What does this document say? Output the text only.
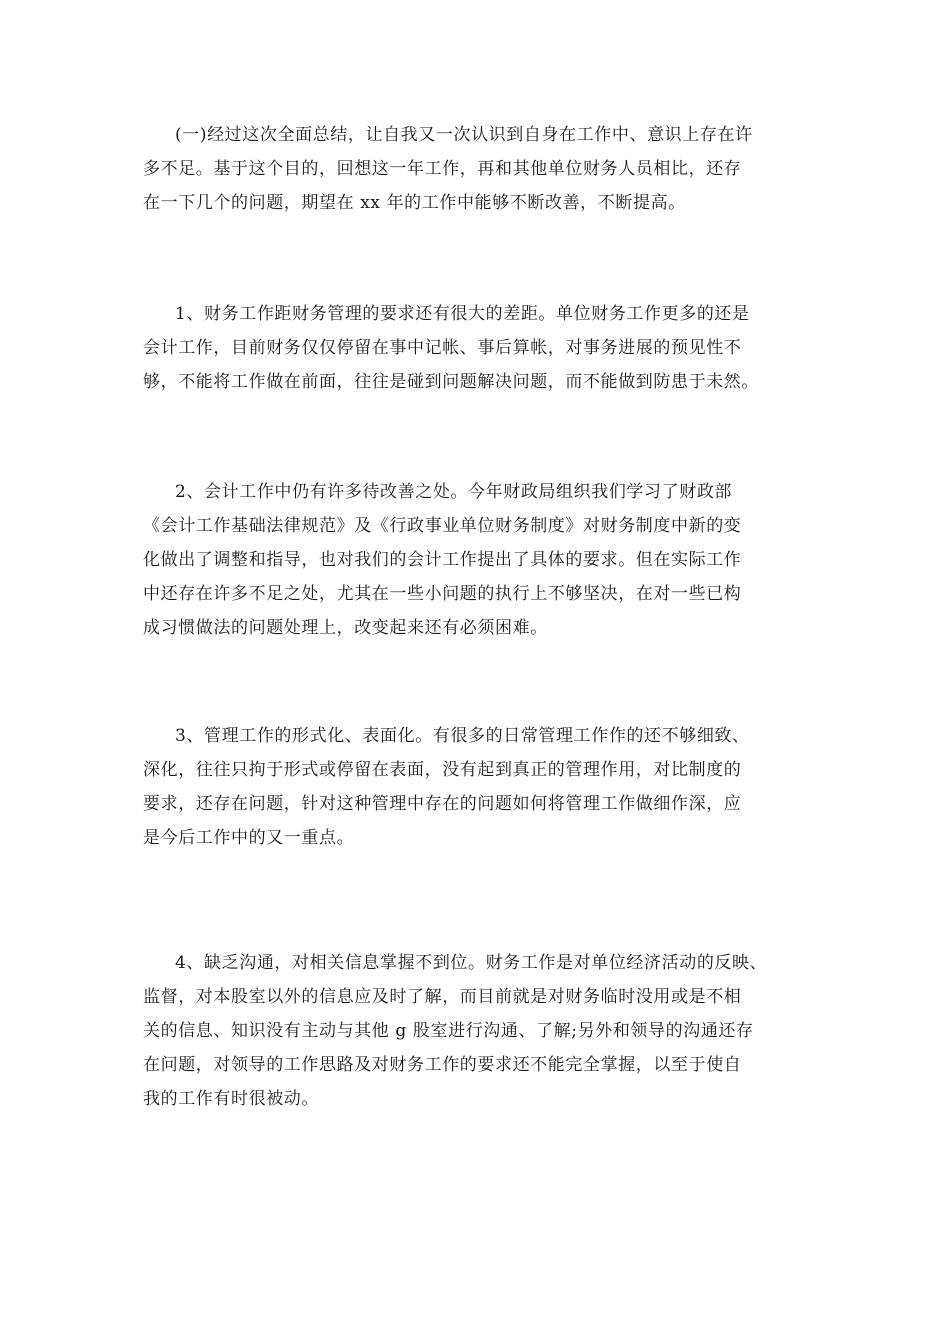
(一)经过这次全面总结，让自我又一次认识到自身在工作中、意识上存在许
多不足。基于这个目的，回想这一年工作，再和其他单位财务人员相比，还存
在一下几个的问题，期望在 xx 年的工作中能够不断改善，不断提高。
1、财务工作距财务管理的要求还有很大的差距。单位财务工作更多的还是
会计工作，目前财务仅仅停留在事中记帐、事后算帐，对事务进展的预见性不
够，不能将工作做在前面，往往是碰到问题解决问题，而不能做到防患于未然。
2、会计工作中仍有许多待改善之处。今年财政局组织我们学习了财政部
《会计工作基础法律规范》及《行政事业单位财务制度》对财务制度中新的变
化做出了调整和指导，也对我们的会计工作提出了具体的要求。但在实际工作
中还存在许多不足之处，尤其在一些小问题的执行上不够坚决，在对一些已构
成习惯做法的问题处理上，改变起来还有必须困难。
3、管理工作的形式化、表面化。有很多的日常管理工作作的还不够细致、
深化，往往只拘于形式或停留在表面，没有起到真正的管理作用，对比制度的
要求，还存在问题，针对这种管理中存在的问题如何将管理工作做细作深，应
是今后工作中的又一重点。
4、缺乏沟通，对相关信息掌握不到位。财务工作是对单位经济活动的反映、
监督，对本股室以外的信息应及时了解，而目前就是对财务临时没用或是不相
关的信息、知识没有主动与其他 g 股室进行沟通、了解;另外和领导的沟通还存
在问题，对领导的工作思路及对财务工作的要求还不能完全掌握，以至于使自
我的工作有时很被动。
